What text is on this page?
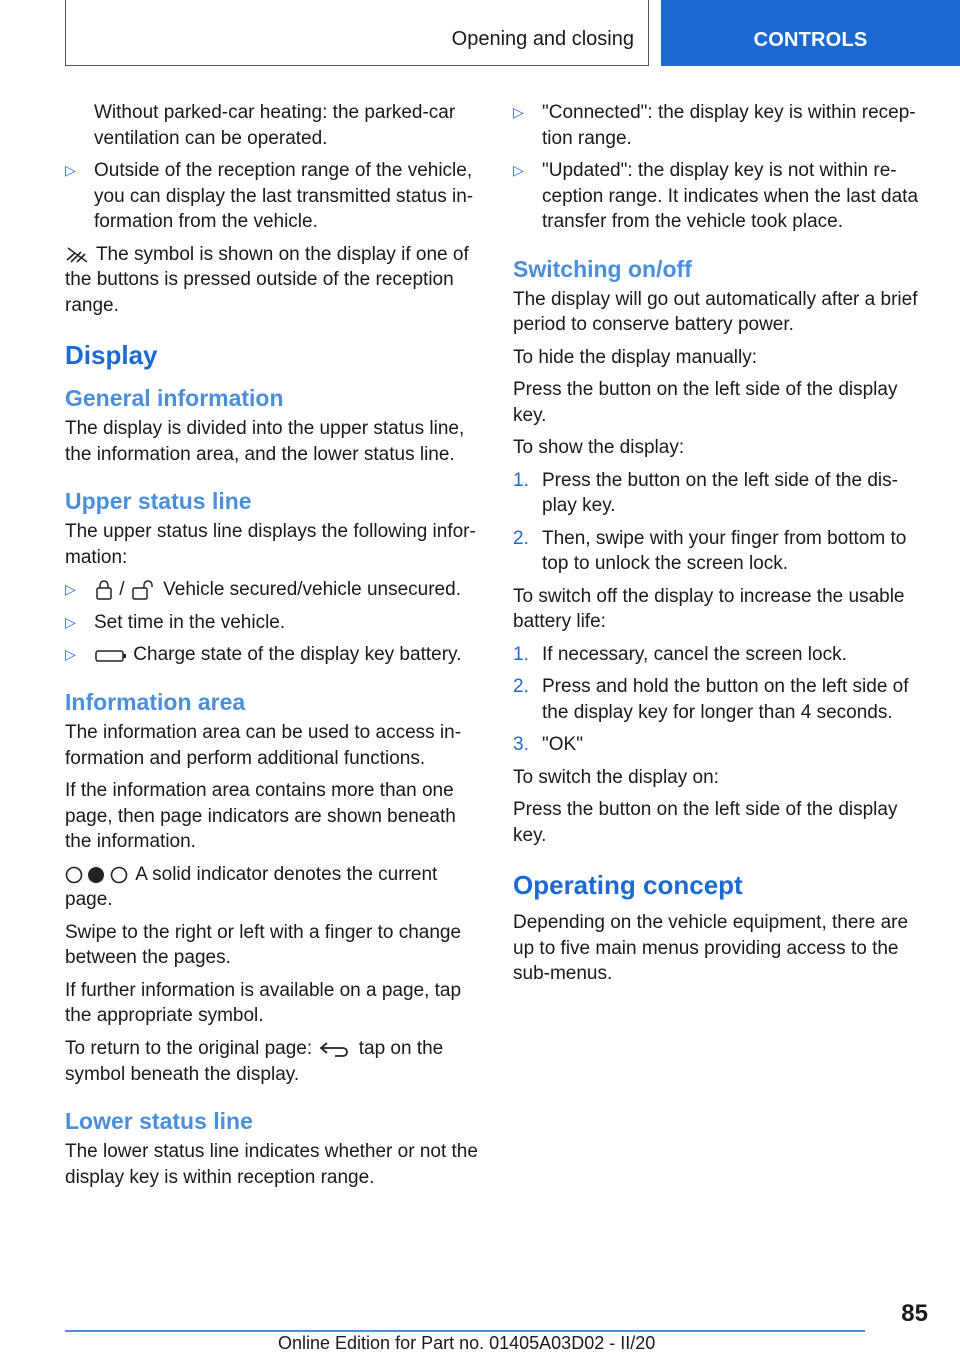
Opening and closing	CONTROLS

Without parked-car heating: the parked-car ventilation can be operated.

▷ Outside of the reception range of the vehicle, you can display the last transmitted status in-formation from the vehicle.

The symbol is shown on the display if one of the buttons is pressed outside of the reception range.

Display
General information

The display is divided into the upper status line, the information area, and the lower status line.

Upper status line

The upper status line displays the following infor-mation:

▷ / Vehicle secured/vehicle unsecured.
▷ Set time in the vehicle.
▷	Charge state of the display key battery.
Information area

The information area can be used to access in-formation and perform additional functions.

If the information area contains more than one page, then page indicators are shown beneath the information.

A solid indicator denotes the current page.

Swipe to the right or left with a finger to change between the pages.

If further information is available on a page, tap the appropriate symbol.

To return to the original page: tap on the symbol beneath the display.

Lower status line

The lower status line indicates whether or not the display key is within reception range.

▷ "Connected": the display key is within recep-tion range.
▷ "Updated": the display key is not within re-ception range. It indicates when the last data transfer from the vehicle took place.
Switching on/off

The display will go out automatically after a brief period to conserve battery power.

To hide the display manually:

Press the button on the left side of the display key.

To show the display:

1. Press the button on the left side of the dis-play key.
2. Then, swipe with your finger from bottom to top to unlock the screen lock.

To switch off the display to increase the usable battery life:

1. If necessary, cancel the screen lock.
2. Press and hold the button on the left side of the display key for longer than 4 seconds.
3. "OK"

To switch the display on:

Press the button on the left side of the display key.

Operating concept

Depending on the vehicle equipment, there are up to five main menus providing access to the sub-menus.

85
Online Edition for Part no. 01405A03D02 - II/20
